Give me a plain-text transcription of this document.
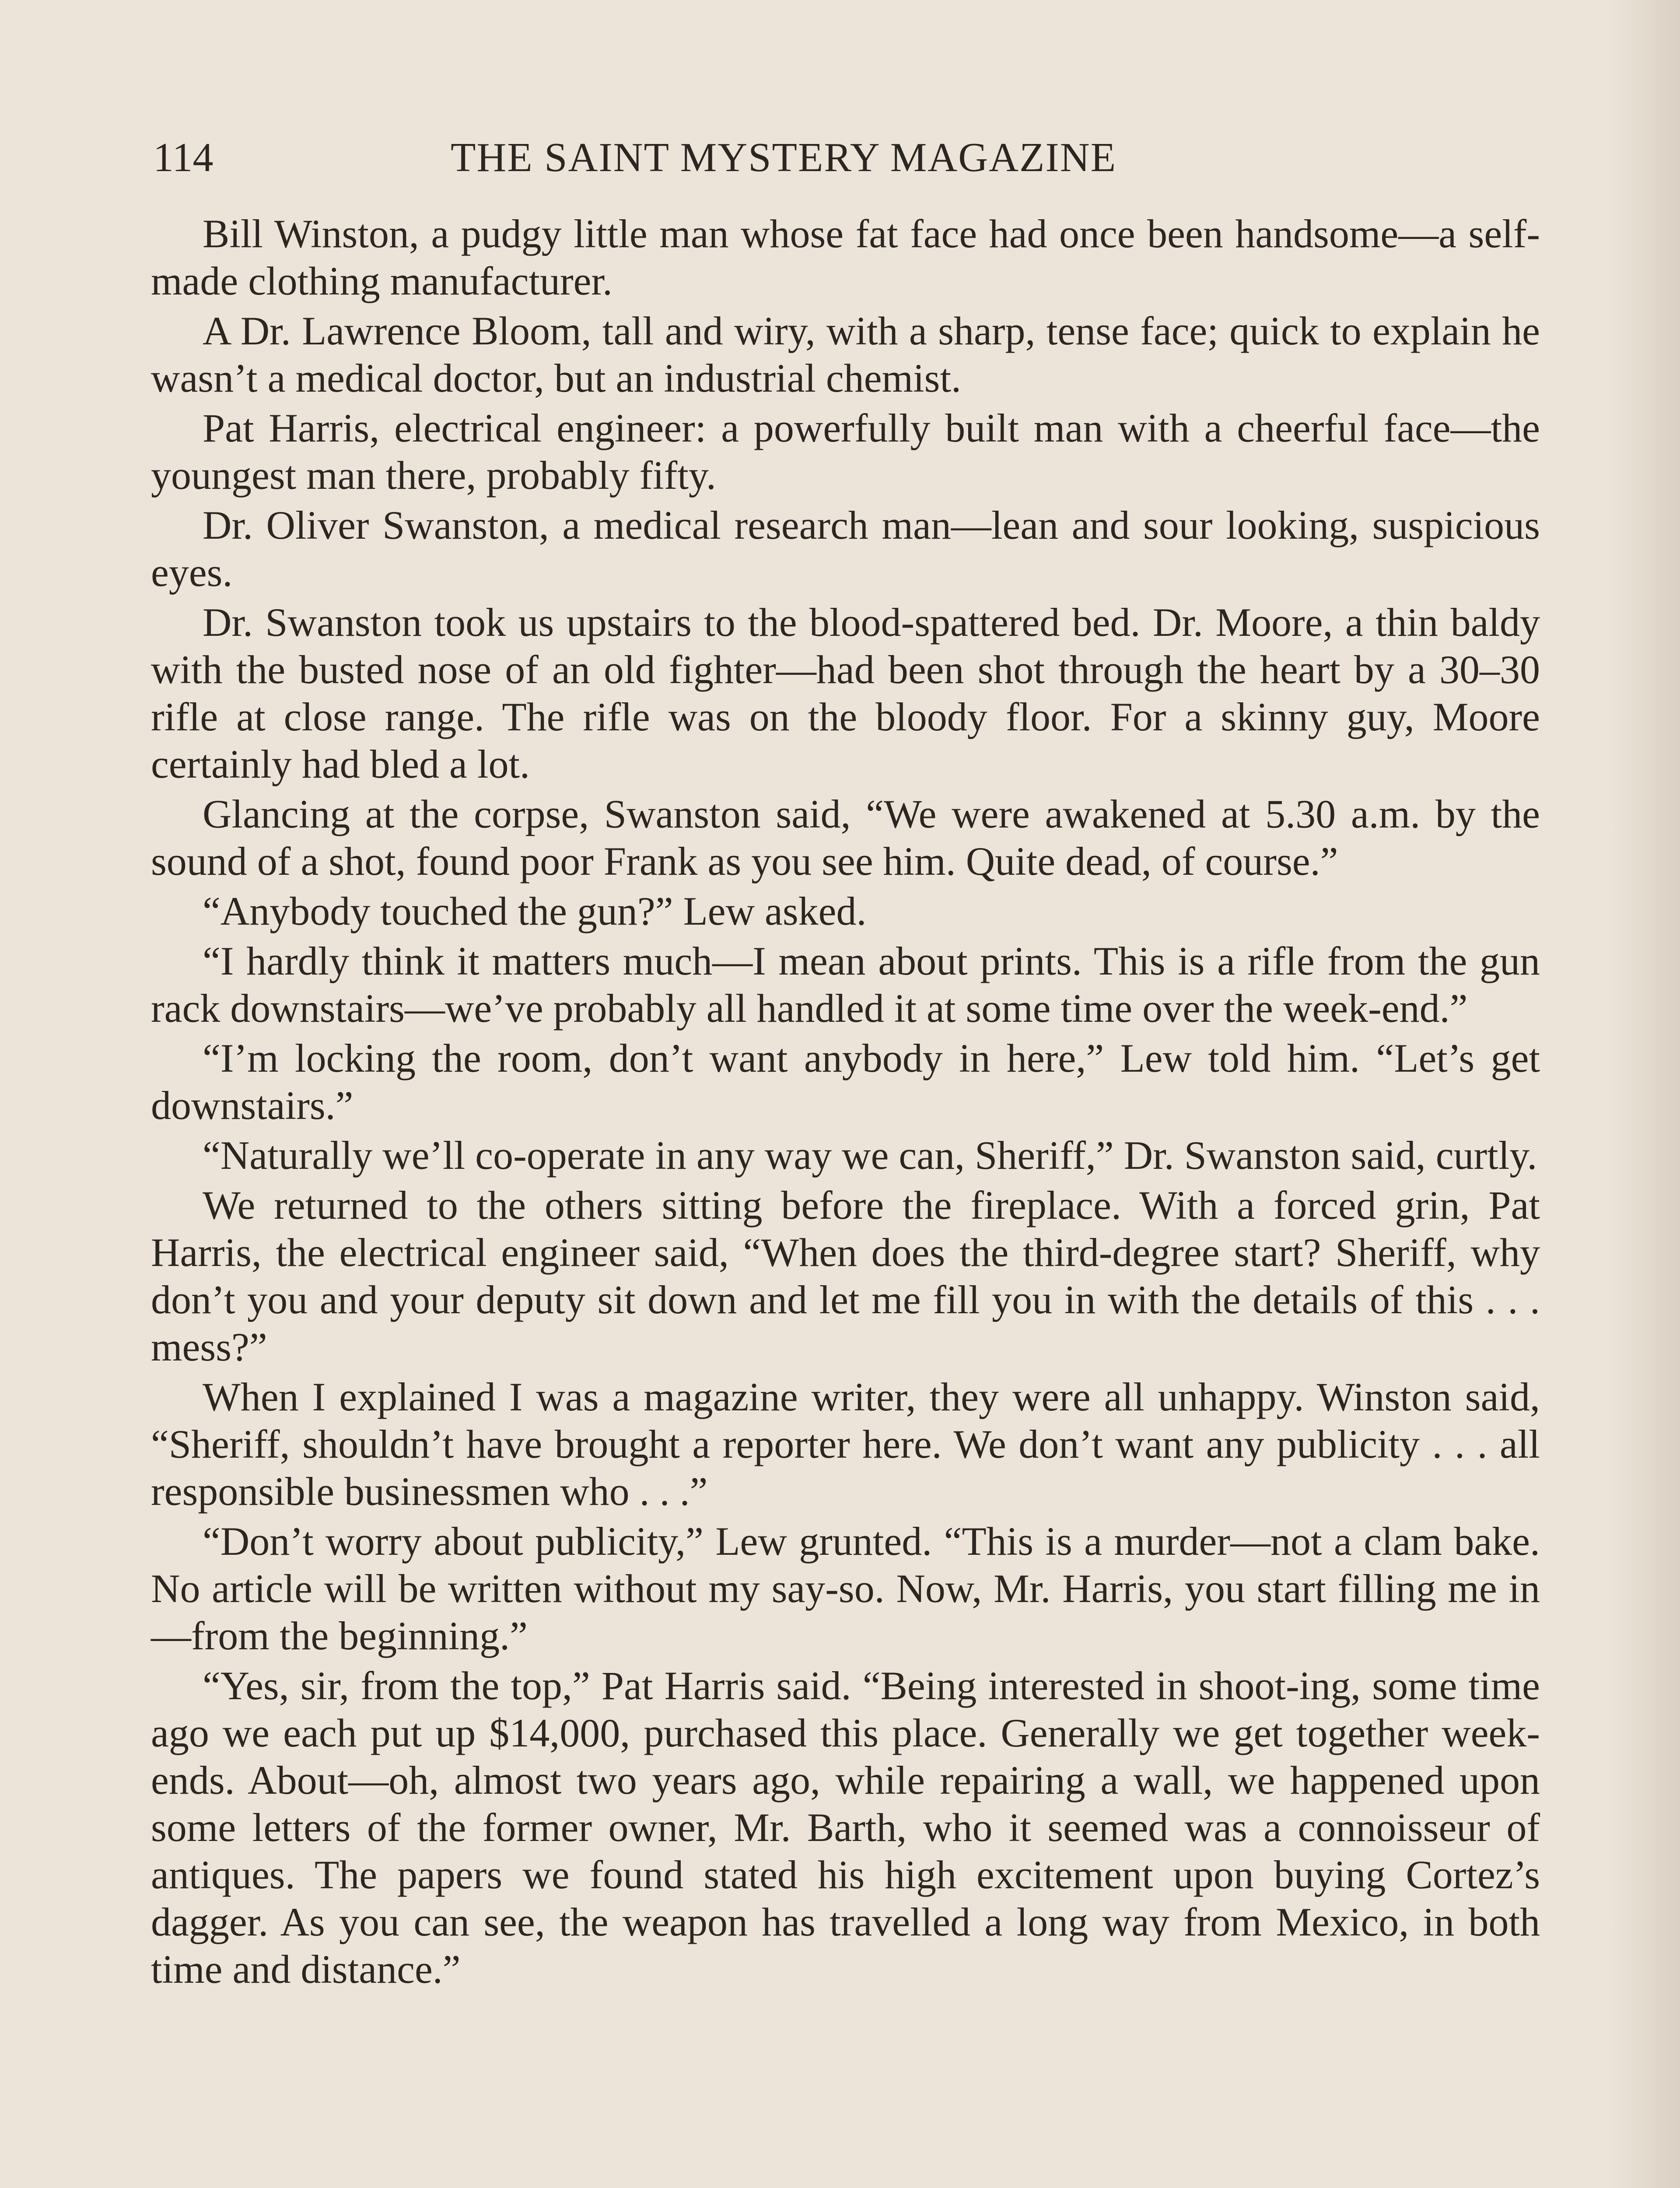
114	THE SAINT MYSTERY MAGAZINE

Bill Winston, a pudgy little man whose fat face had once been handsome—a self-made clothing manufacturer.

A Dr. Lawrence Bloom, tall and wiry, with a sharp, tense face; quick to explain he wasn’t a medical doctor, but an industrial chemist.

Pat Harris, electrical engineer: a powerfully built man with a cheerful face—the youngest man there, probably fifty.

Dr. Oliver Swanston, a medical research man—lean and sour looking, suspicious eyes.

Dr. Swanston took us upstairs to the blood-spattered bed. Dr. Moore, a thin baldy with the busted nose of an old fighter—had been shot through the heart by a 30–30 rifle at close range. The rifle was on the bloody floor. For a skinny guy, Moore certainly had bled a lot.

Glancing at the corpse, Swanston said, “We were awakened at 5.30 a.m. by the sound of a shot, found poor Frank as you see him. Quite dead, of course.”

“Anybody touched the gun?” Lew asked.

“I hardly think it matters much—I mean about prints. This is a rifle from the gun rack downstairs—we’ve probably all handled it at some time over the week-end.”

“I’m locking the room, don’t want anybody in here,” Lew told him. “Let’s get downstairs.”

“Naturally we’ll co-operate in any way we can, Sheriff,” Dr. Swanston said, curtly.

We returned to the others sitting before the fireplace. With a forced grin, Pat Harris, the electrical engineer said, “When does the third-degree start? Sheriff, why don’t you and your deputy sit down and let me fill you in with the details of this . . . mess?”

When I explained I was a magazine writer, they were all unhappy. Winston said, “Sheriff, shouldn’t have brought a reporter here. We don’t want any publicity . . . all responsible businessmen who . . .”

“Don’t worry about publicity,” Lew grunted. “This is a murder—not a clam bake. No article will be written without my say-so. Now, Mr. Harris, you start filling me in—from the beginning.”

“Yes, sir, from the top,” Pat Harris said. “Being interested in shoot-ing, some time ago we each put up $14,000, purchased this place. Generally we get together week-ends. About—oh, almost two years ago, while repairing a wall, we happened upon some letters of the former owner, Mr. Barth, who it seemed was a connoisseur of antiques. The papers we found stated his high excitement upon buying Cortez’s dagger. As you can see, the weapon has travelled a long way from Mexico, in both time and distance.”
